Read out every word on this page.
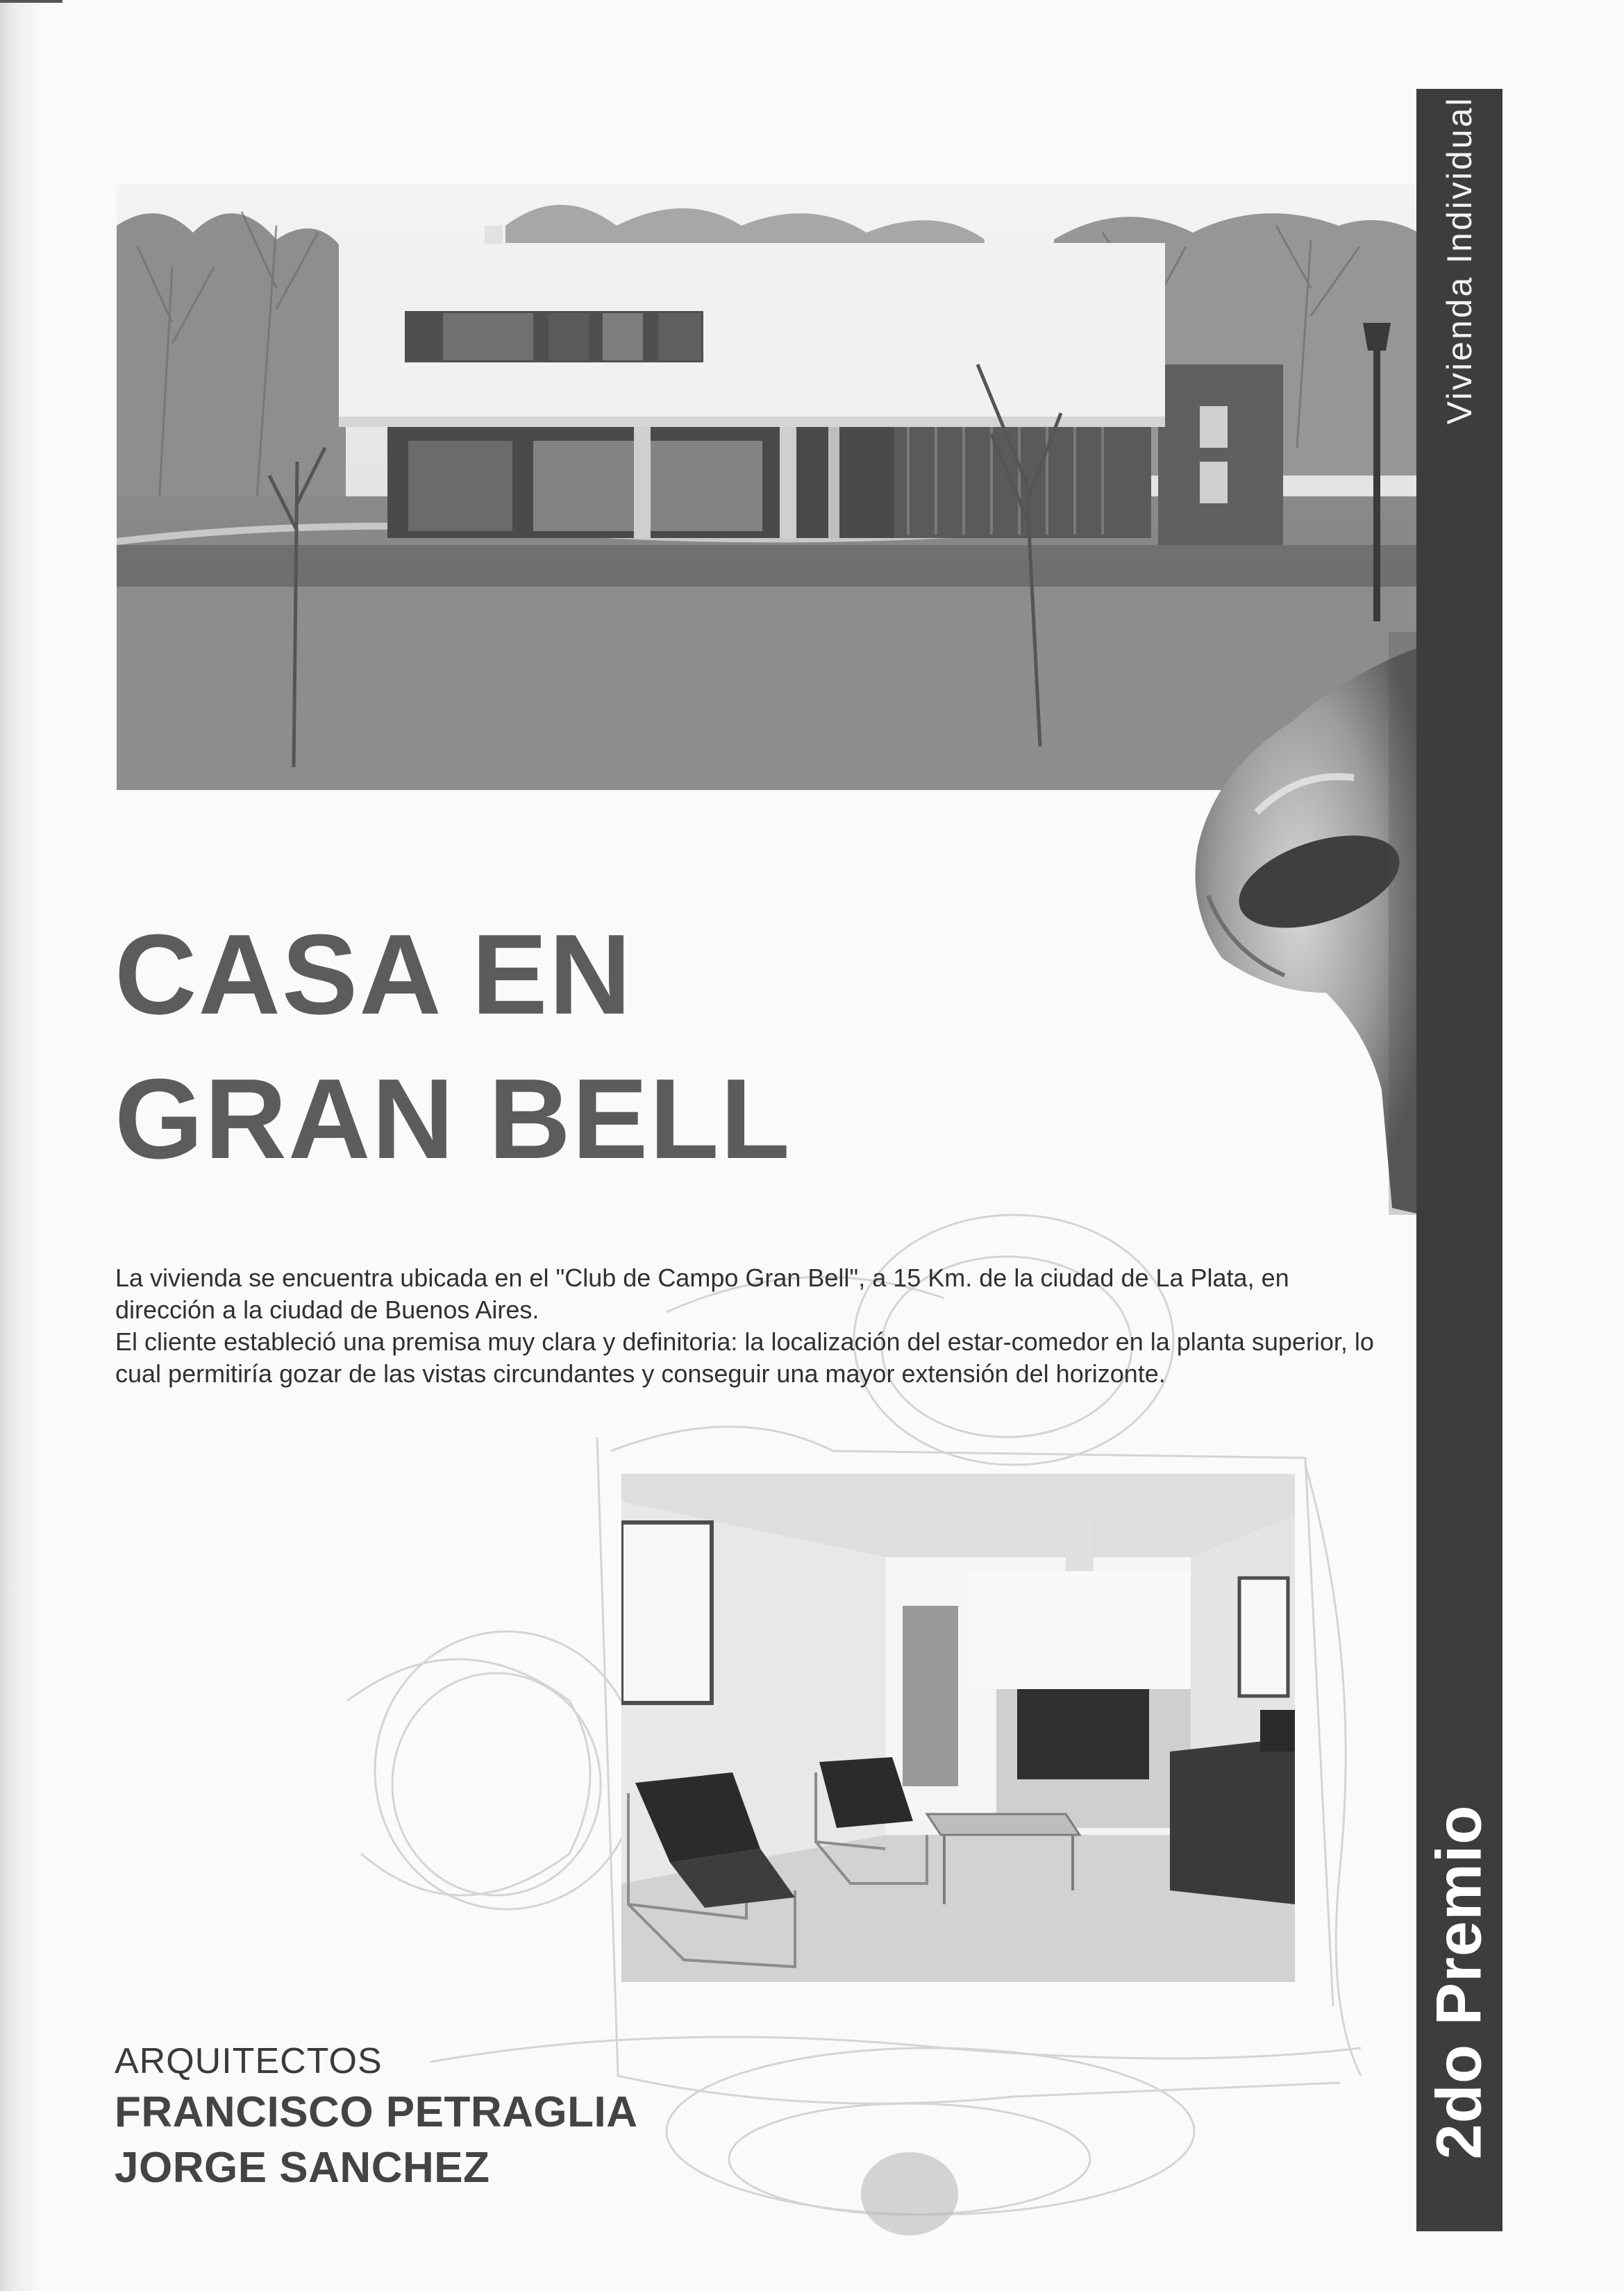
Vivienda Individual
2do Premio
CASA EN
GRAN BELL

La vivienda se encuentra ubicada en el "Club de Campo Gran Bell", a 15 Km. de la ciudad de La Plata, en dirección a la ciudad de Buenos Aires.

El cliente estableció una premisa muy clara y definitoria: la localización del estar-comedor en la planta superior, lo cual permitiría gozar de las vistas circundantes y conseguir una mayor extensión del horizonte.

ARQUITECTOS
FRANCISCO PETRAGLIA
JORGE SANCHEZ
